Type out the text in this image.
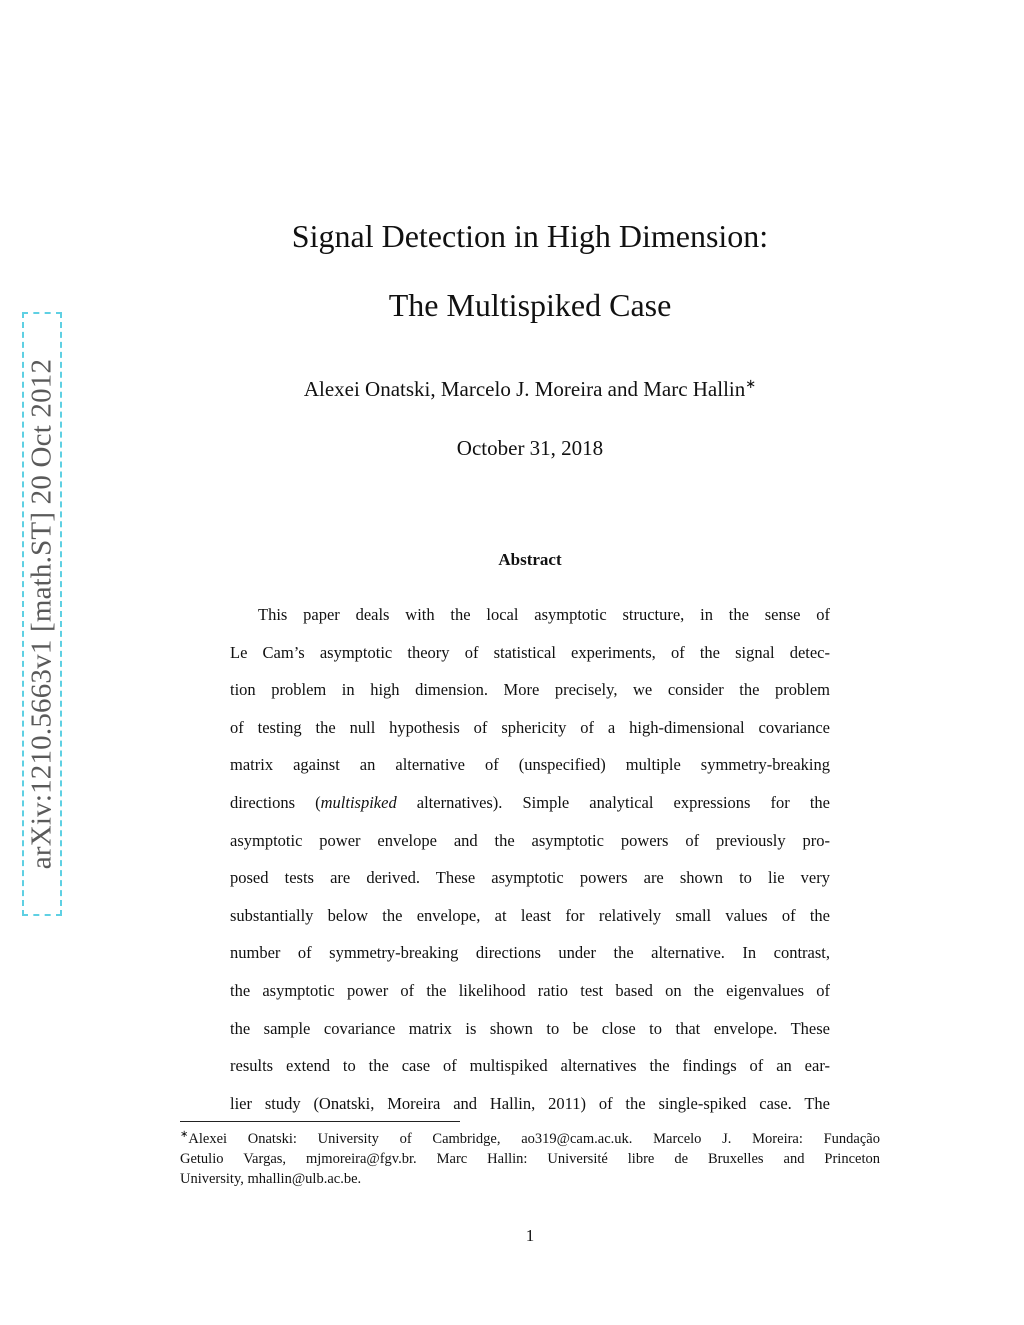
arXiv:1210.5663v1 [math.ST] 20 Oct 2012
Signal Detection in High Dimension:
The Multispiked Case
Alexei Onatski, Marcelo J. Moreira and Marc Hallin∗
October 31, 2018
Abstract
This paper deals with the local asymptotic structure, in the sense of
Le Cam’s asymptotic theory of statistical experiments, of the signal detec-
tion problem in high dimension. More precisely, we consider the problem
of testing the null hypothesis of sphericity of a high-dimensional covariance
matrix against an alternative of (unspecified) multiple symmetry-breaking
directions (multispiked alternatives). Simple analytical expressions for the
asymptotic power envelope and the asymptotic powers of previously pro-
posed tests are derived. These asymptotic powers are shown to lie very
substantially below the envelope, at least for relatively small values of the
number of symmetry-breaking directions under the alternative. In contrast,
the asymptotic power of the likelihood ratio test based on the eigenvalues of
the sample covariance matrix is shown to be close to that envelope. These
results extend to the case of multispiked alternatives the findings of an ear-
lier study (Onatski, Moreira and Hallin, 2011) of the single-spiked case. The
∗Alexei Onatski: University of Cambridge, ao319@cam.ac.uk. Marcelo J. Moreira: Fundação
Getulio Vargas, mjmoreira@fgv.br. Marc Hallin: Université libre de Bruxelles and Princeton
University, mhallin@ulb.ac.be.
1
